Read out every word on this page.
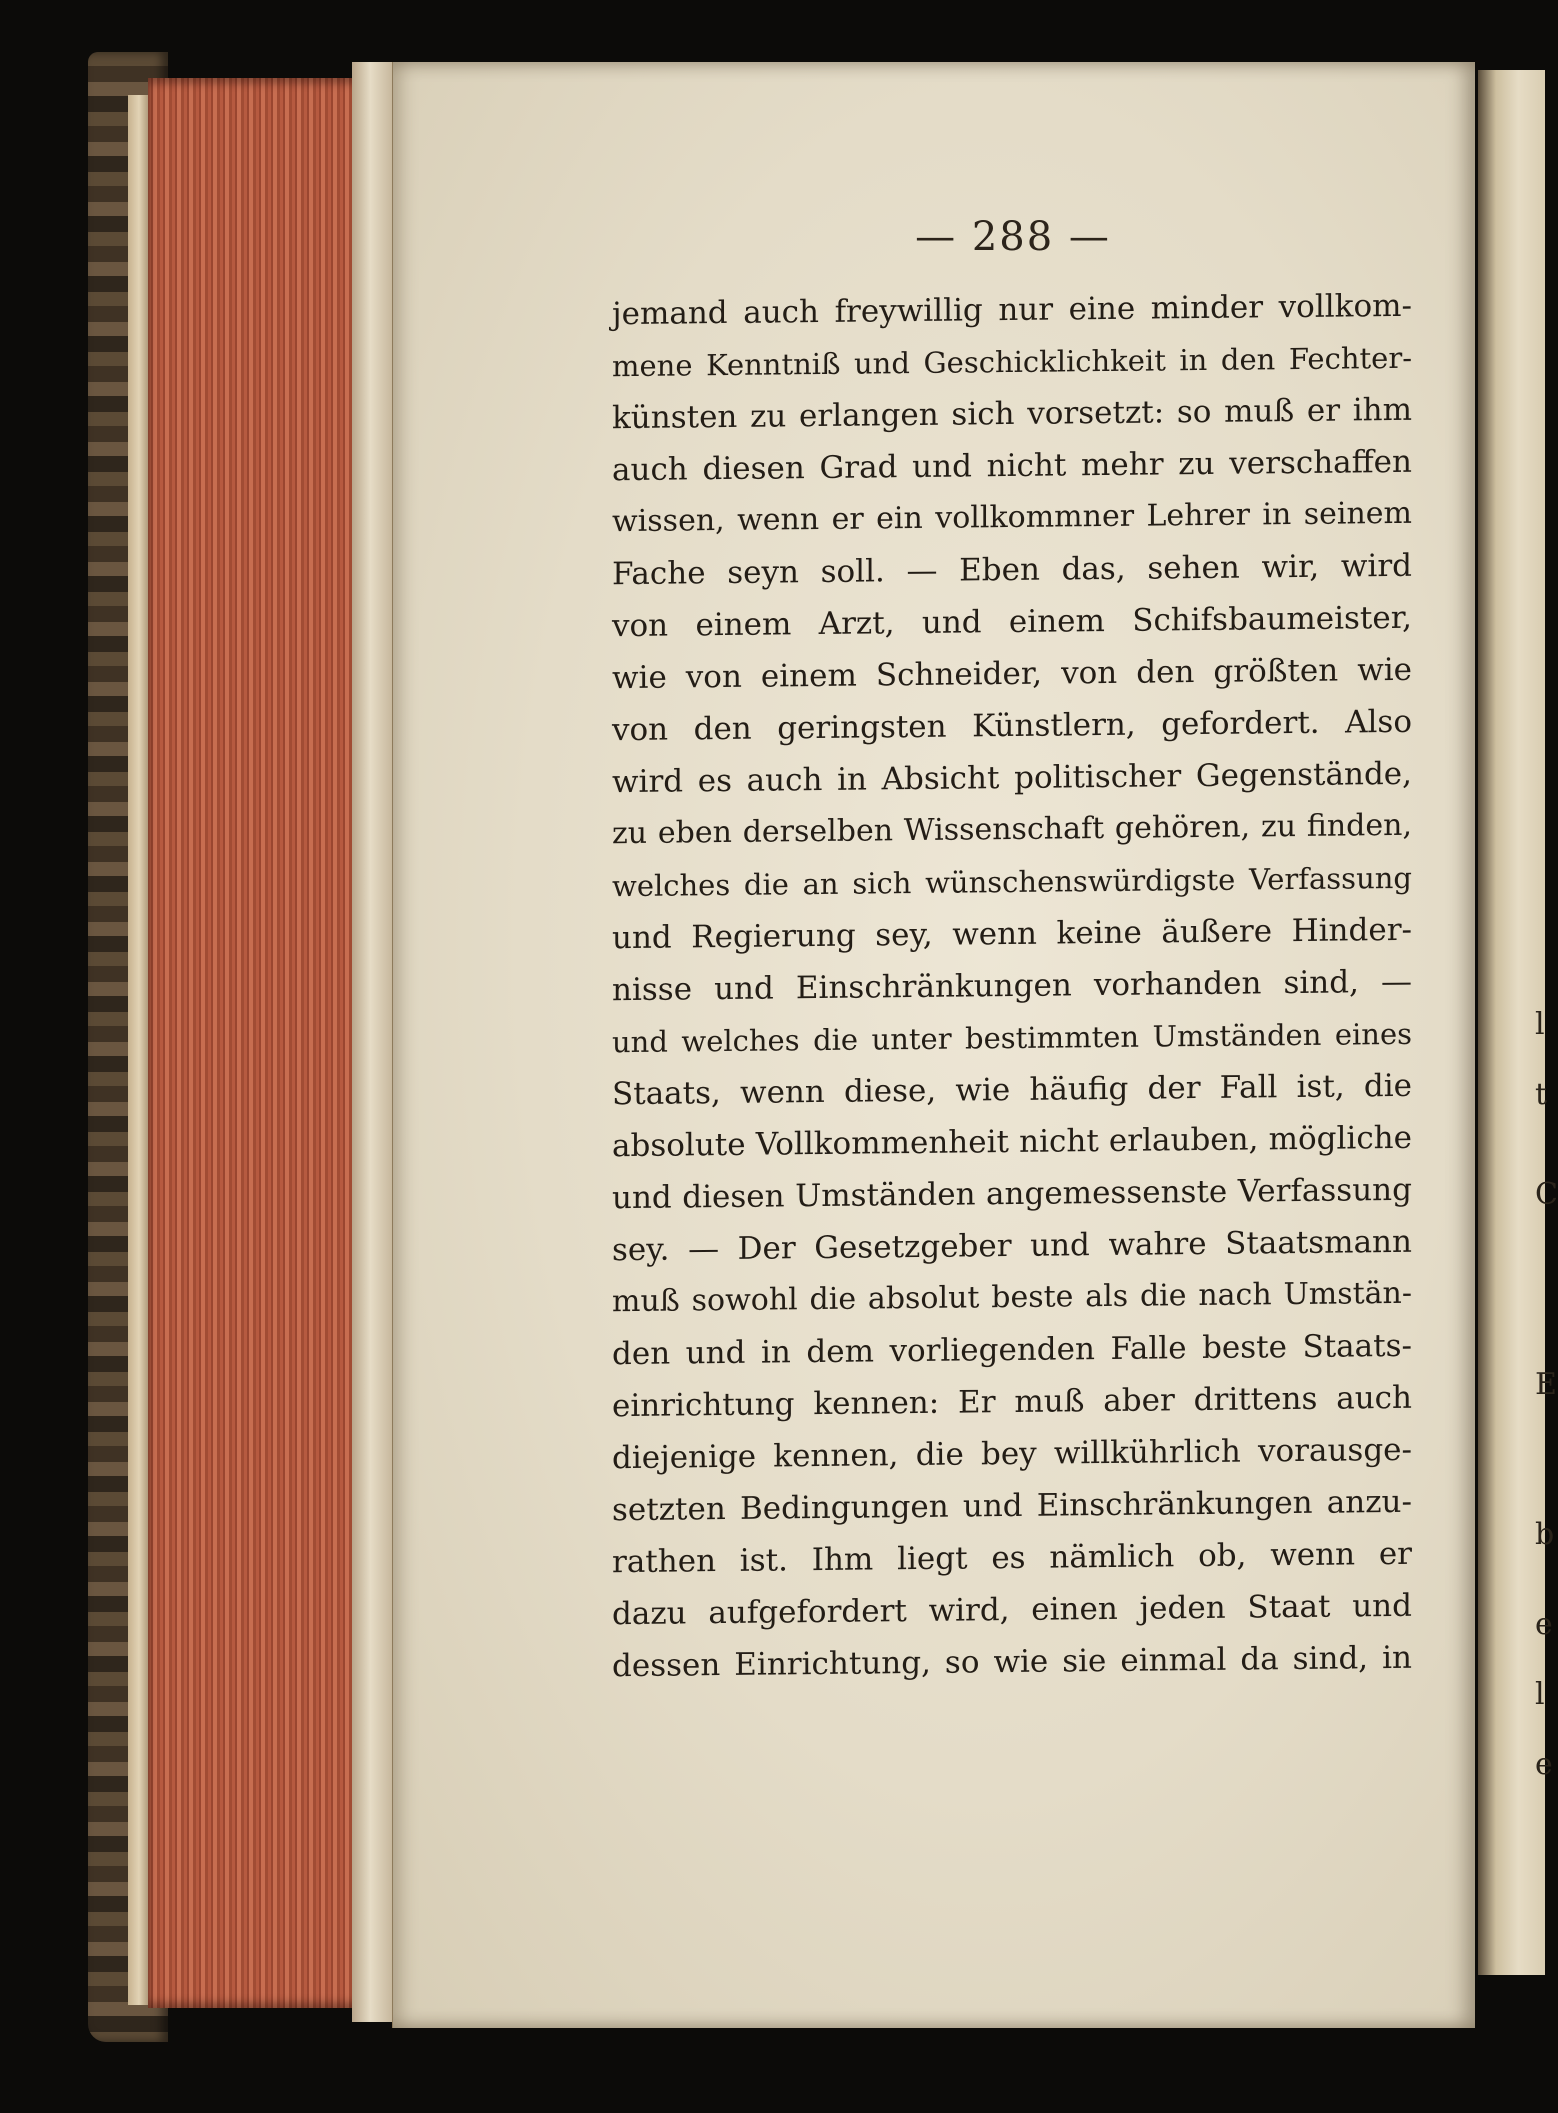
l
t
C
E
b
e
l
e
— 288 —
jemand auch freywillig nur eine minder vollkom-
mene Kenntniß und Geschicklichkeit in den Fechter-
künsten zu erlangen sich vorsetzt: so muß er ihm
auch diesen Grad und nicht mehr zu verschaffen
wissen, wenn er ein vollkommner Lehrer in seinem
Fache seyn soll. — Eben das, sehen wir, wird
von einem Arzt, und einem Schifsbaumeister,
wie von einem Schneider, von den größten wie
von den geringsten Künstlern, gefordert. Also
wird es auch in Absicht politischer Gegenstände,
zu eben derselben Wissenschaft gehören, zu finden,
welches die an sich wünschenswürdigste Verfassung
und Regierung sey, wenn keine äußere Hinder-
nisse und Einschränkungen vorhanden sind, —
und welches die unter bestimmten Umständen eines
Staats, wenn diese, wie häufig der Fall ist, die
absolute Vollkommenheit nicht erlauben, mögliche
und diesen Umständen angemessenste Verfassung
sey. — Der Gesetzgeber und wahre Staatsmann
muß sowohl die absolut beste als die nach Umstän-
den und in dem vorliegenden Falle beste Staats-
einrichtung kennen: Er muß aber drittens auch
diejenige kennen, die bey willkührlich vorausge-
setzten Bedingungen und Einschränkungen anzu-
rathen ist. Ihm liegt es nämlich ob, wenn er
dazu aufgefordert wird, einen jeden Staat und
dessen Einrichtung, so wie sie einmal da sind, in
